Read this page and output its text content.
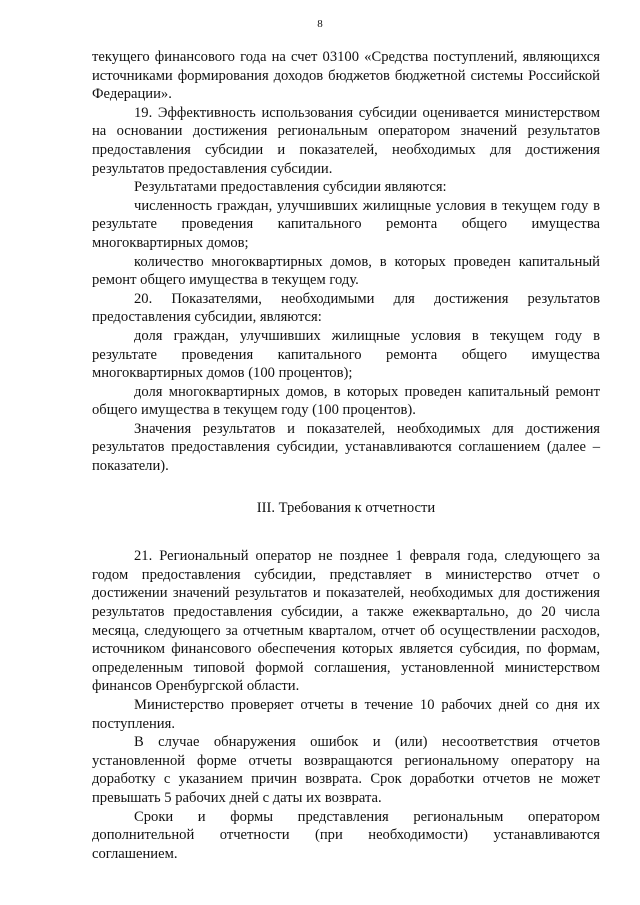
8

текущего финансового года на счет 03100 «Средства поступлений, являющихся источниками формирования доходов бюджетов бюджетной системы Российской Федерации».

19. Эффективность использования субсидии оценивается министерством на основании достижения региональным оператором значений результатов предоставления субсидии и показателей, необходимых для достижения результатов предоставления субсидии.

Результатами предоставления субсидии являются:

численность граждан, улучшивших жилищные условия в текущем году в результате проведения капитального ремонта общего имущества многоквартирных домов;

количество многоквартирных домов, в которых проведен капитальный ремонт общего имущества в текущем году.

20. Показателями, необходимыми для достижения результатов предоставления субсидии, являются:

доля граждан, улучшивших жилищные условия в текущем году в результате проведения капитального ремонта общего имущества многоквартирных домов (100 процентов);

доля многоквартирных домов, в которых проведен капитальный ремонт общего имущества в текущем году (100 процентов).

Значения результатов и показателей, необходимых для достижения результатов предоставления субсидии, устанавливаются соглашением (далее – показатели).

III. Требования к отчетности

21. Региональный оператор не позднее 1 февраля года, следующего за годом предоставления субсидии, представляет в министерство отчет о достижении значений результатов и показателей, необходимых для достижения результатов предоставления субсидии, а также ежеквартально, до 20 числа месяца, следующего за отчетным кварталом, отчет об осуществлении расходов, источником финансового обеспечения которых является субсидия, по формам, определенным типовой формой соглашения, установленной министерством финансов Оренбургской области.

Министерство проверяет отчеты в течение 10 рабочих дней со дня их поступления.

В случае обнаружения ошибок и (или) несоответствия отчетов установленной форме отчеты возвращаются региональному оператору на доработку с указанием причин возврата. Срок доработки отчетов не может превышать 5 рабочих дней с даты их возврата.

Сроки и формы представления региональным оператором дополнительной отчетности (при необходимости) устанавливаются соглашением.
